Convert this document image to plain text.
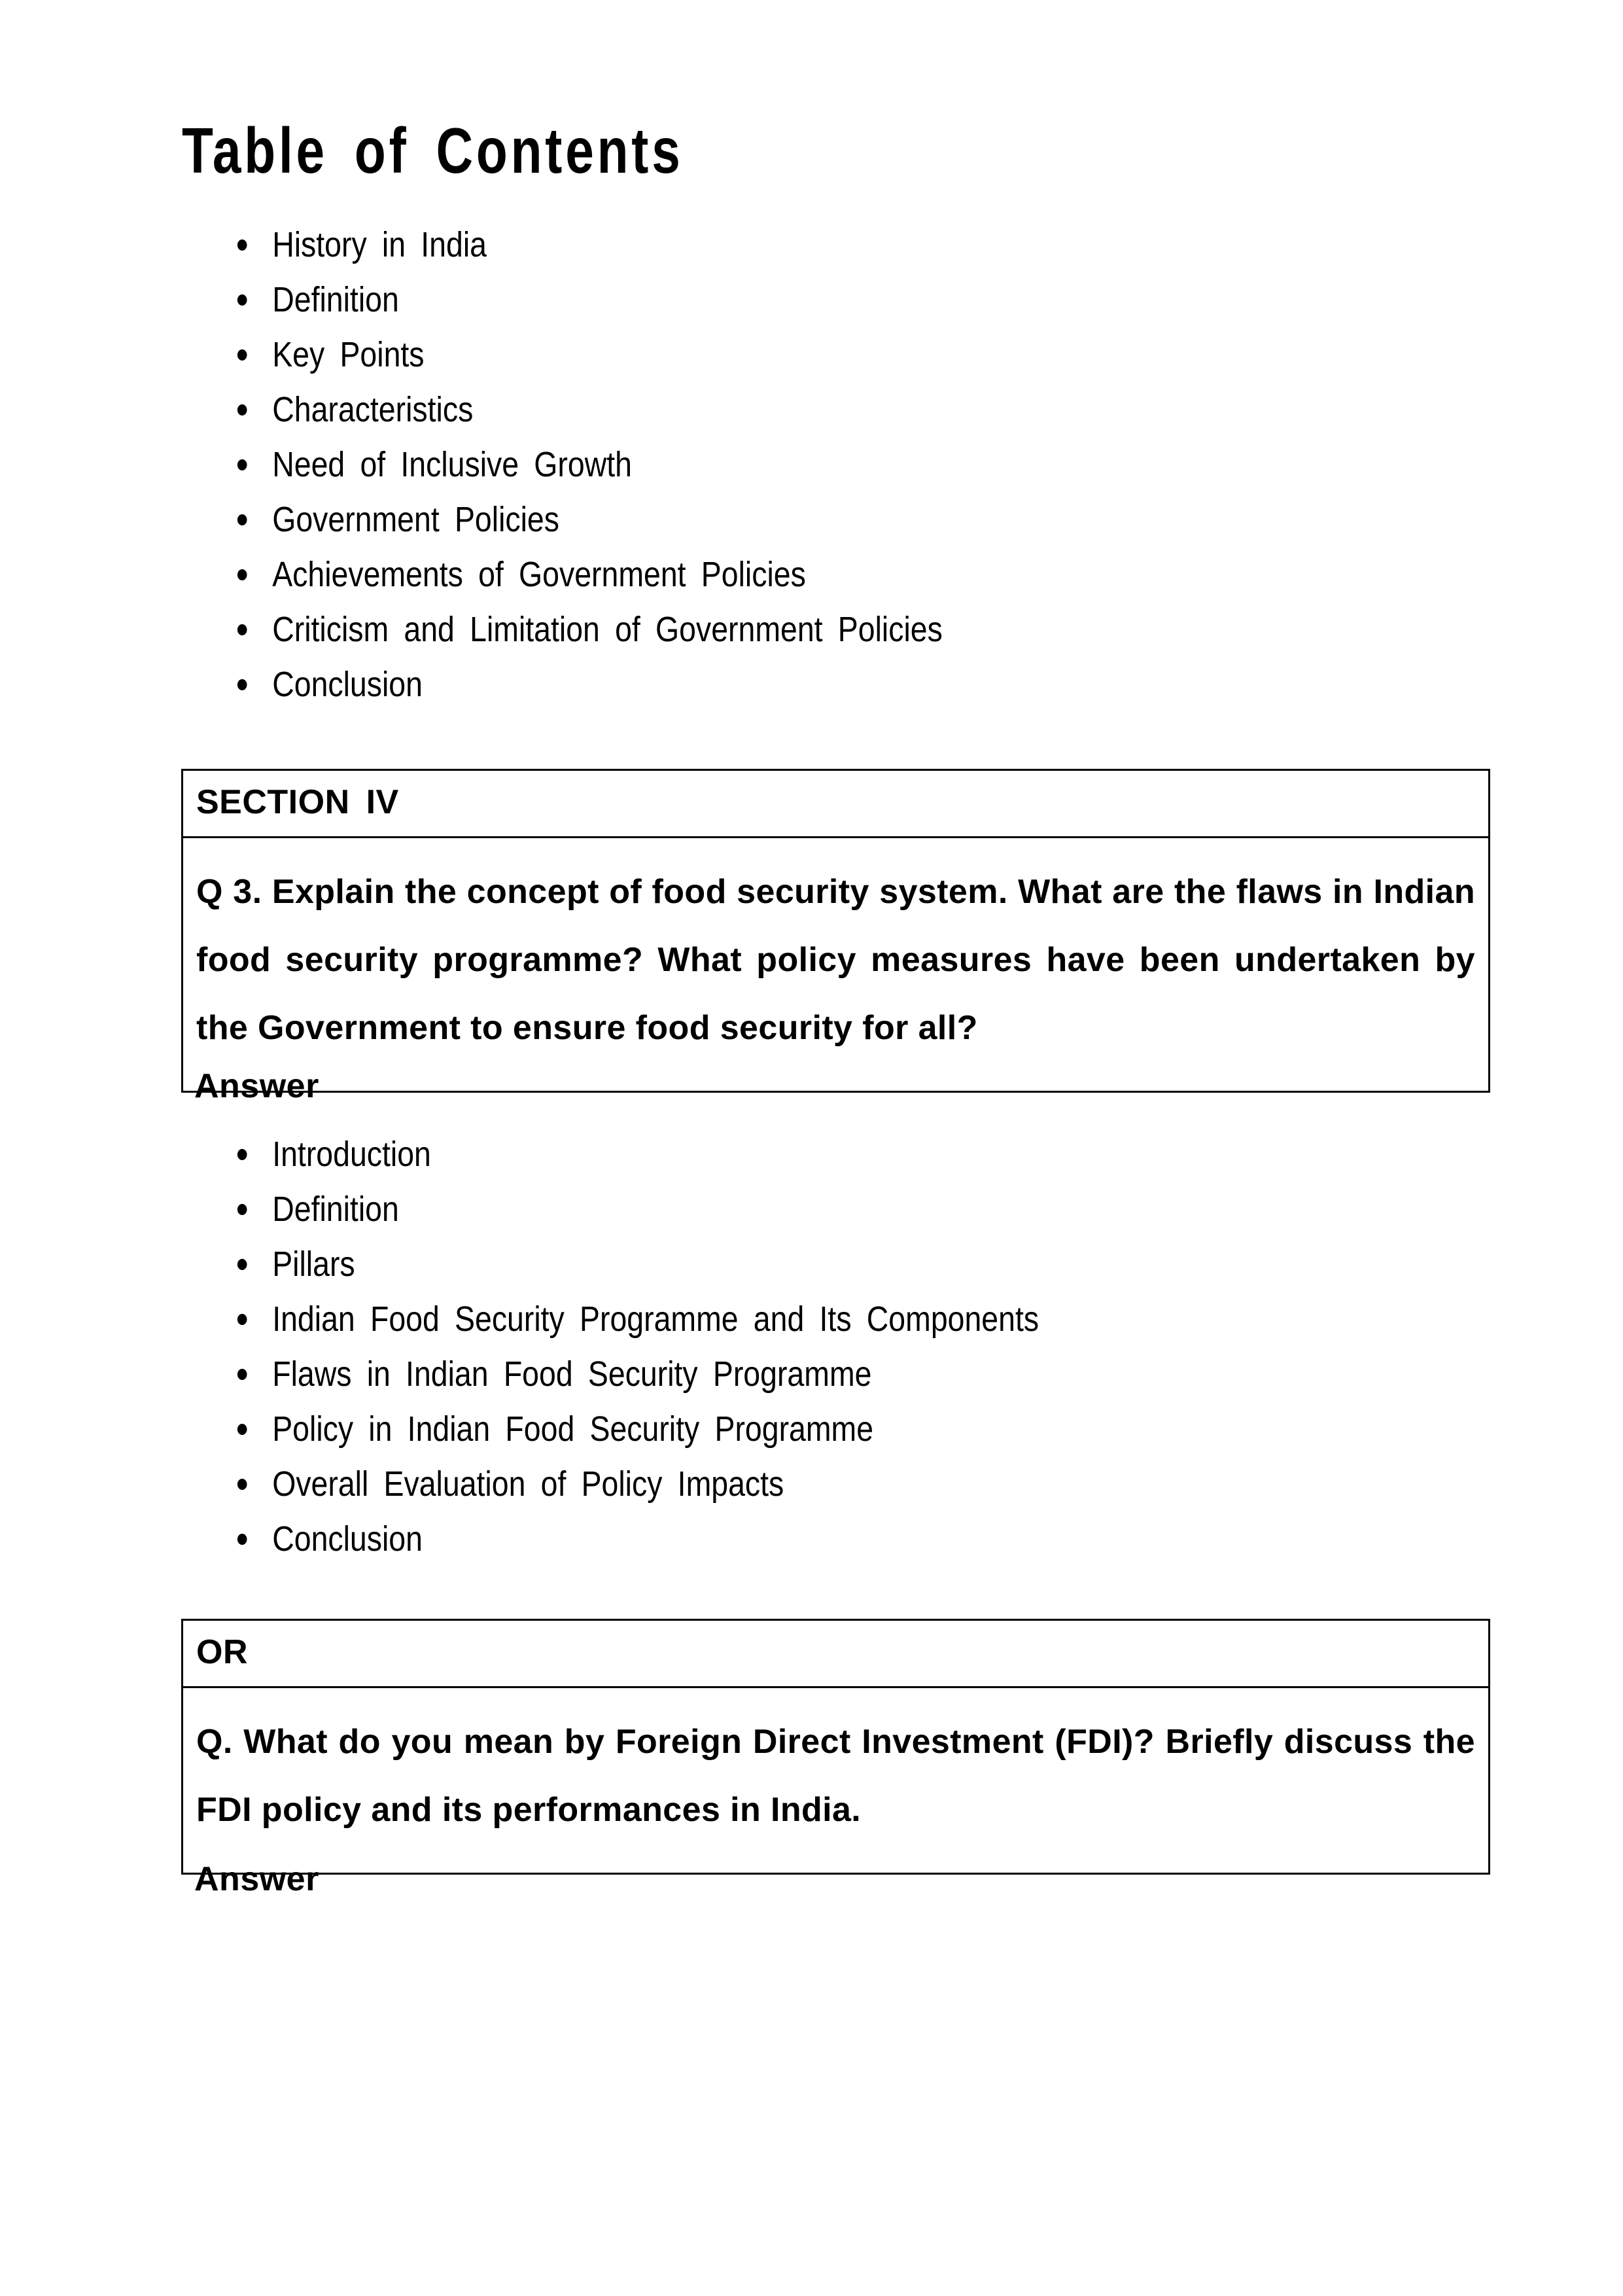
Table of Contents
History in India
Definition
Key Points
Characteristics
Need of Inclusive Growth
Government Policies
Achievements of Government Policies
Criticism and Limitation of Government Policies
Conclusion
SECTION IV
Q 3. Explain the concept of food security system. What are the flaws in Indian food security programme? What policy measures have been undertaken by the Government to ensure food security for all?
Answer
Introduction
Definition
Pillars
Indian Food Security Programme and Its Components
Flaws in Indian Food Security Programme
Policy in Indian Food Security Programme
Overall Evaluation of Policy Impacts
Conclusion
OR
Q. What do you mean by Foreign Direct Investment (FDI)? Briefly discuss the FDI policy and its performances in India.
Answer
